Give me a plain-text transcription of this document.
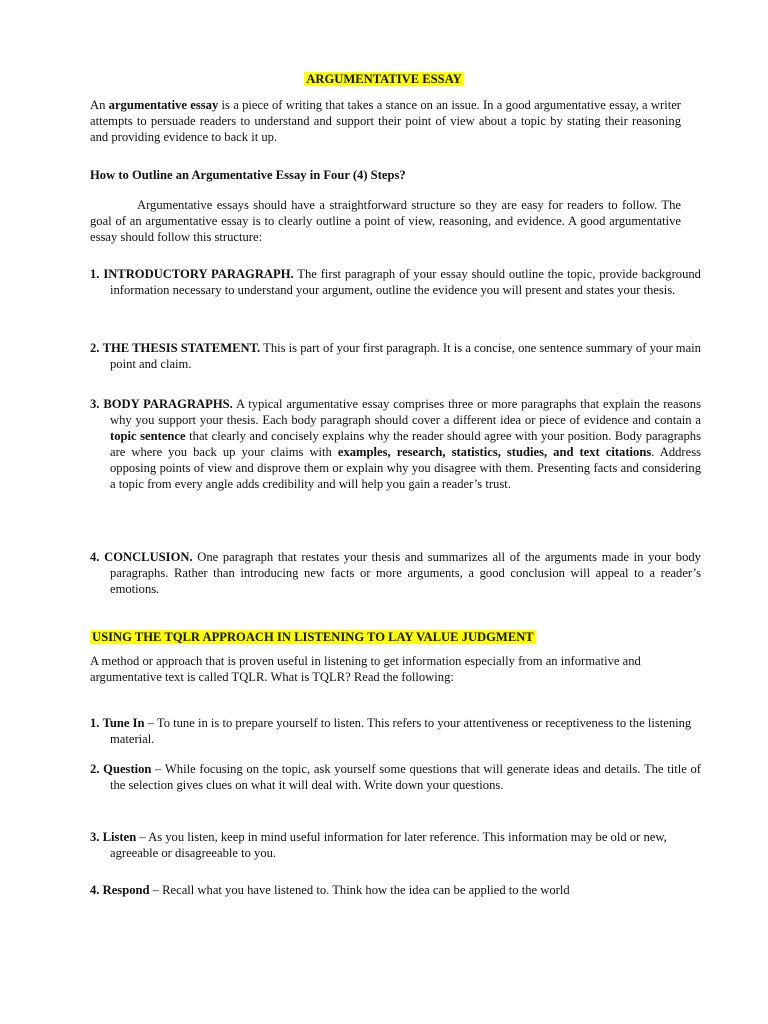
ARGUMENTATIVE ESSAY

An argumentative essay is a piece of writing that takes a stance on an issue. In a good argumentative essay, a writer attempts to persuade readers to understand and support their point of view about a topic by stating their reasoning and providing evidence to back it up.

How to Outline an Argumentative Essay in Four (4) Steps?

Argumentative essays should have a straightforward structure so they are easy for readers to follow. The goal of an argumentative essay is to clearly outline a point of view, reasoning, and evidence. A good argumentative essay should follow this structure:

1. INTRODUCTORY PARAGRAPH. The first paragraph of your essay should outline the topic, provide background information necessary to understand your argument, outline the evidence you will present and states your thesis.

2. THE THESIS STATEMENT. This is part of your first paragraph. It is a concise, one sentence summary of your main point and claim.

3. BODY PARAGRAPHS. A typical argumentative essay comprises three or more paragraphs that explain the reasons why you support your thesis. Each body paragraph should cover a different idea or piece of evidence and contain a topic sentence that clearly and concisely explains why the reader should agree with your position. Body paragraphs are where you back up your claims with examples, research, statistics, studies, and text citations. Address opposing points of view and disprove them or explain why you disagree with them. Presenting facts and considering a topic from every angle adds credibility and will help you gain a reader’s trust.

4. CONCLUSION. One paragraph that restates your thesis and summarizes all of the arguments made in your body paragraphs. Rather than introducing new facts or more arguments, a good conclusion will appeal to a reader’s emotions.

USING THE TQLR APPROACH IN LISTENING TO LAY VALUE JUDGMENT

A method or approach that is proven useful in listening to get information especially from an informative and argumentative text is called TQLR. What is TQLR? Read the following:

1. Tune In – To tune in is to prepare yourself to listen. This refers to your attentiveness or receptiveness to the listening material.

2. Question – While focusing on the topic, ask yourself some questions that will generate ideas and details. The title of the selection gives clues on what it will deal with. Write down your questions.

3. Listen – As you listen, keep in mind useful information for later reference. This information may be old or new, agreeable or disagreeable to you.

4. Respond – Recall what you have listened to. Think how the idea can be applied to the world
